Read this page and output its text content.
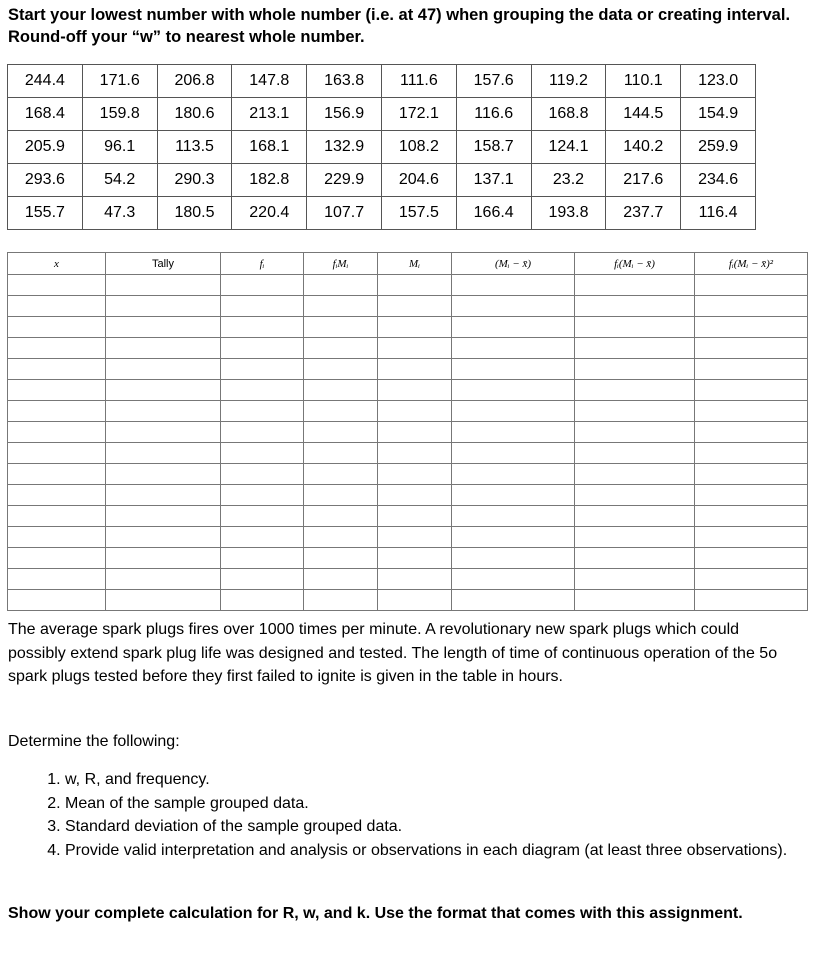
Start your lowest number with whole number (i.e. at 47) when grouping the data or creating interval. Round-off your “w” to nearest whole number.

244.4	171.6	206.8	147.8	163.8	111.6	157.6	119.2	110.1	123.0
168.4	159.8	180.6	213.1	156.9	172.1	116.6	168.8	144.5	154.9
205.9	96.1	113.5	168.1	132.9	108.2	158.7	124.1	140.2	259.9
293.6	54.2	290.3	182.8	229.9	204.6	137.1	23.2	217.6	234.6
155.7	47.3	180.5	220.4	107.7	157.5	166.4	193.8	237.7	116.4
x	Tally	fᵢ	fᵢMᵢ	Mᵢ	(Mᵢ − x̄)	fᵢ(Mᵢ − x̄)	fᵢ(Mᵢ − x̄)²

The average spark plugs fires over 1000 times per minute. A revolutionary new spark plugs which could possibly extend spark plug life was designed and tested. The length of time of continuous operation of the 5o spark plugs tested before they first failed to ignite is given in the table in hours.

Determine the following:

1. w, R, and frequency.
2. Mean of the sample grouped data.
3. Standard deviation of the sample grouped data.
4. Provide valid interpretation and analysis or observations in each diagram (at least three observations).

Show your complete calculation for R, w, and k. Use the format that comes with this assignment.
